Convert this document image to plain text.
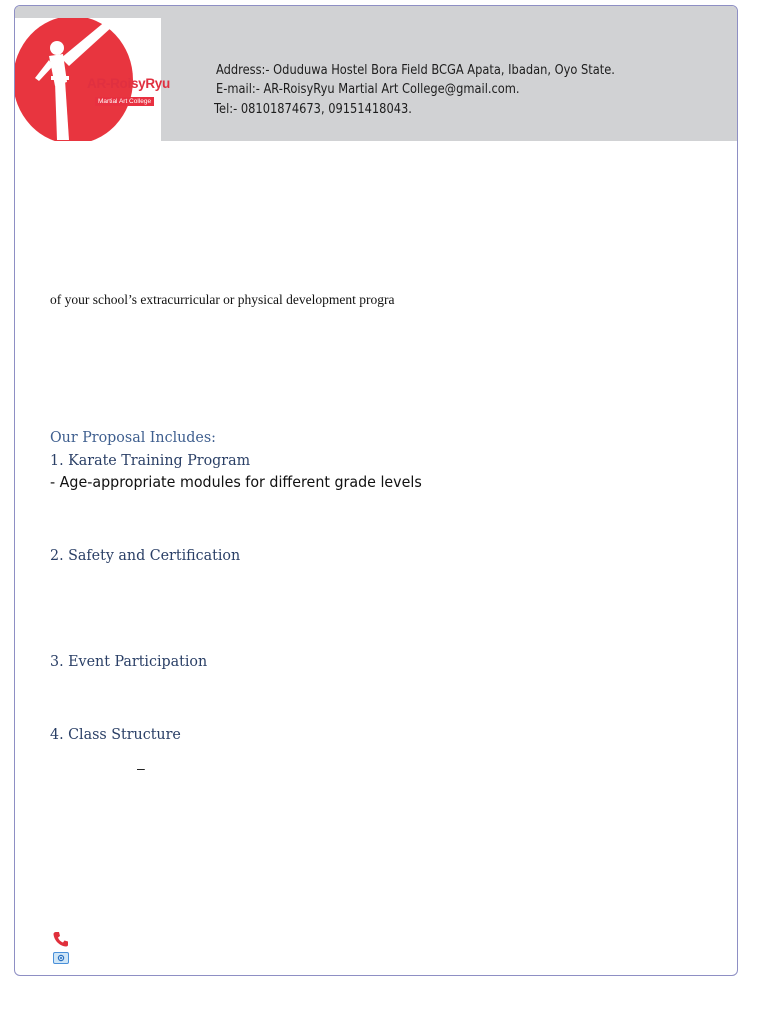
AR-RoisyRyu
Martial Art College
Address:- Oduduwa Hostel Bora Field BCGA Apata, Ibadan, Oyo State.
E-mail:- AR-RoisyRyu Martial Art College@gmail.com.
Tel:- 08101874673, 09151418043.
of your school’s extracurricular or physical development progra
Our Proposal Includes:
1. Karate Training Program
- Age-appropriate modules for different grade levels
2. Safety and Certification
3. Event Participation
4. Class Structure
–
